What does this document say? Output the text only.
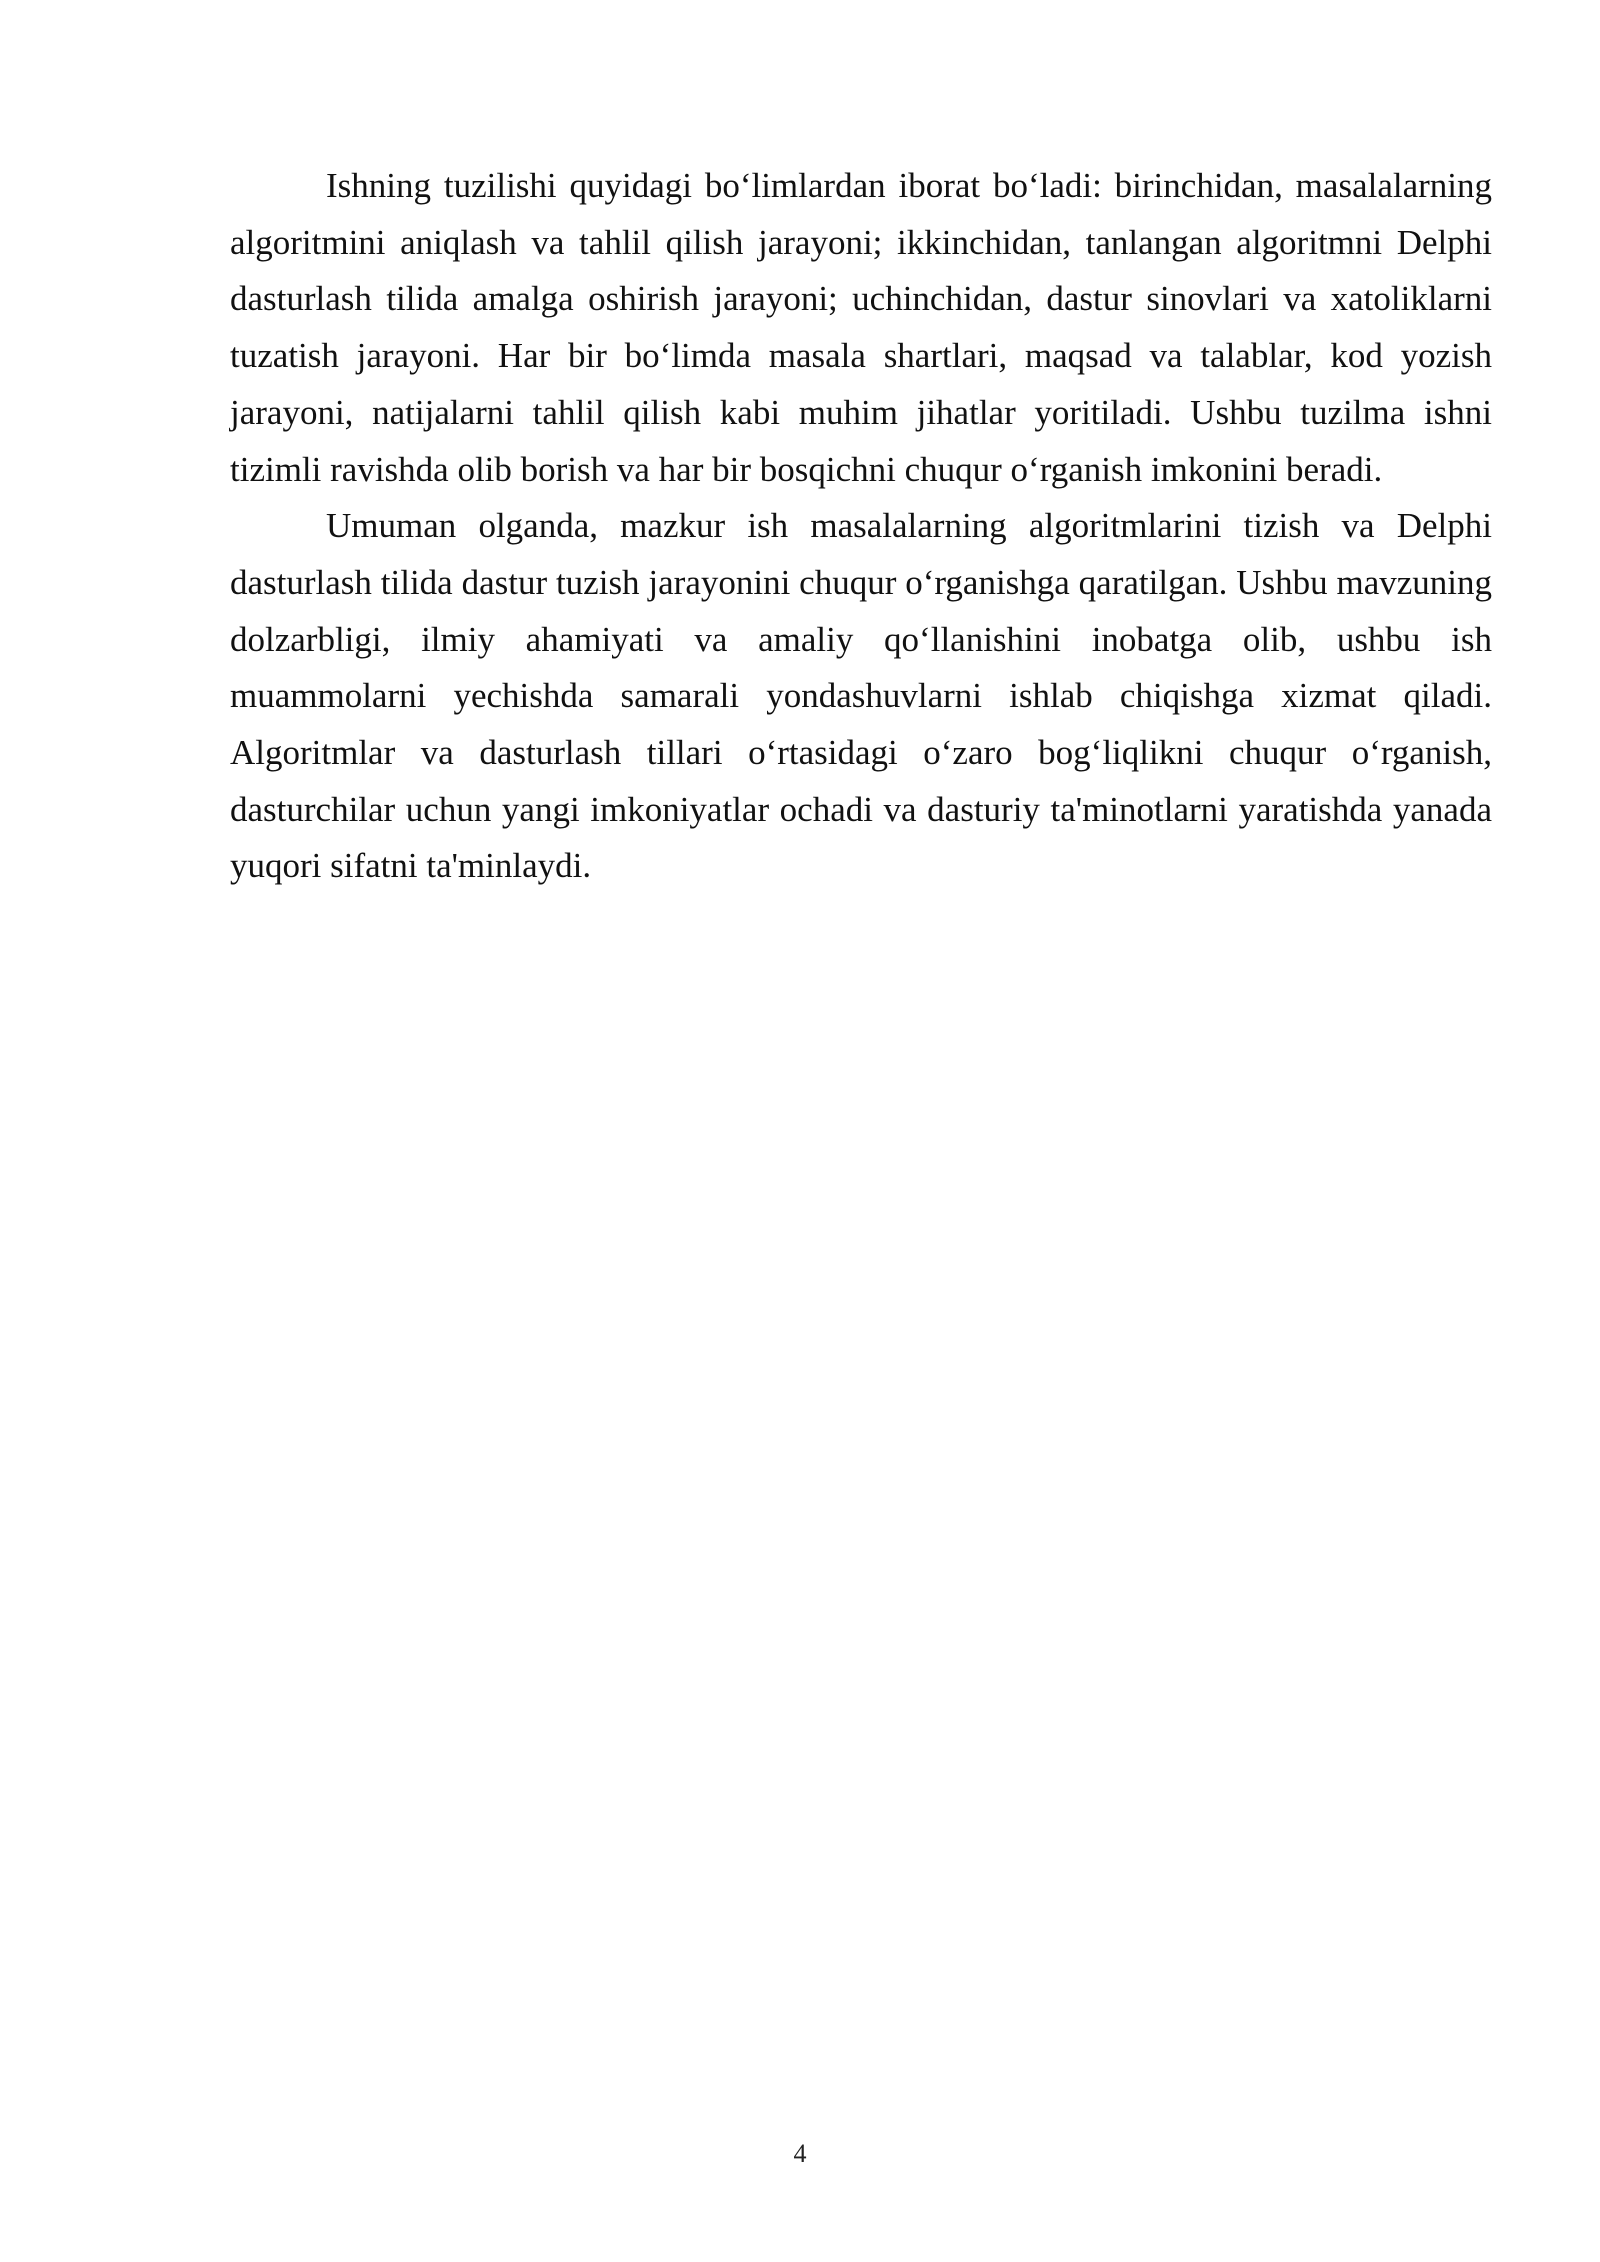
Ishning tuzilishi quyidagi bo‘limlardan iborat bo‘ladi: birinchidan, masalalarning algoritmini aniqlash va tahlil qilish jarayoni; ikkinchidan, tanlangan algoritmni Delphi dasturlash tilida amalga oshirish jarayoni; uchinchidan, dastur sinovlari va xatoliklarni tuzatish jarayoni. Har bir bo‘limda masala shartlari, maqsad va talablar, kod yozish jarayoni, natijalarni tahlil qilish kabi muhim jihatlar yoritiladi. Ushbu tuzilma ishni tizimli ravishda olib borish va har bir bosqichni chuqur o‘rganish imkonini beradi.

Umuman olganda, mazkur ish masalalarning algoritmlarini tizish va Delphi dasturlash tilida dastur tuzish jarayonini chuqur o‘rganishga qaratilgan. Ushbu mavzuning dolzarbligi, ilmiy ahamiyati va amaliy qo‘llanishini inobatga olib, ushbu ish muammolarni yechishda samarali yondashuvlarni ishlab chiqishga xizmat qiladi. Algoritmlar va dasturlash tillari o‘rtasidagi o‘zaro bog‘liqlikni chuqur o‘rganish, dasturchilar uchun yangi imkoniyatlar ochadi va dasturiy ta'minotlarni yaratishda yanada yuqori sifatni ta'minlaydi.

4
